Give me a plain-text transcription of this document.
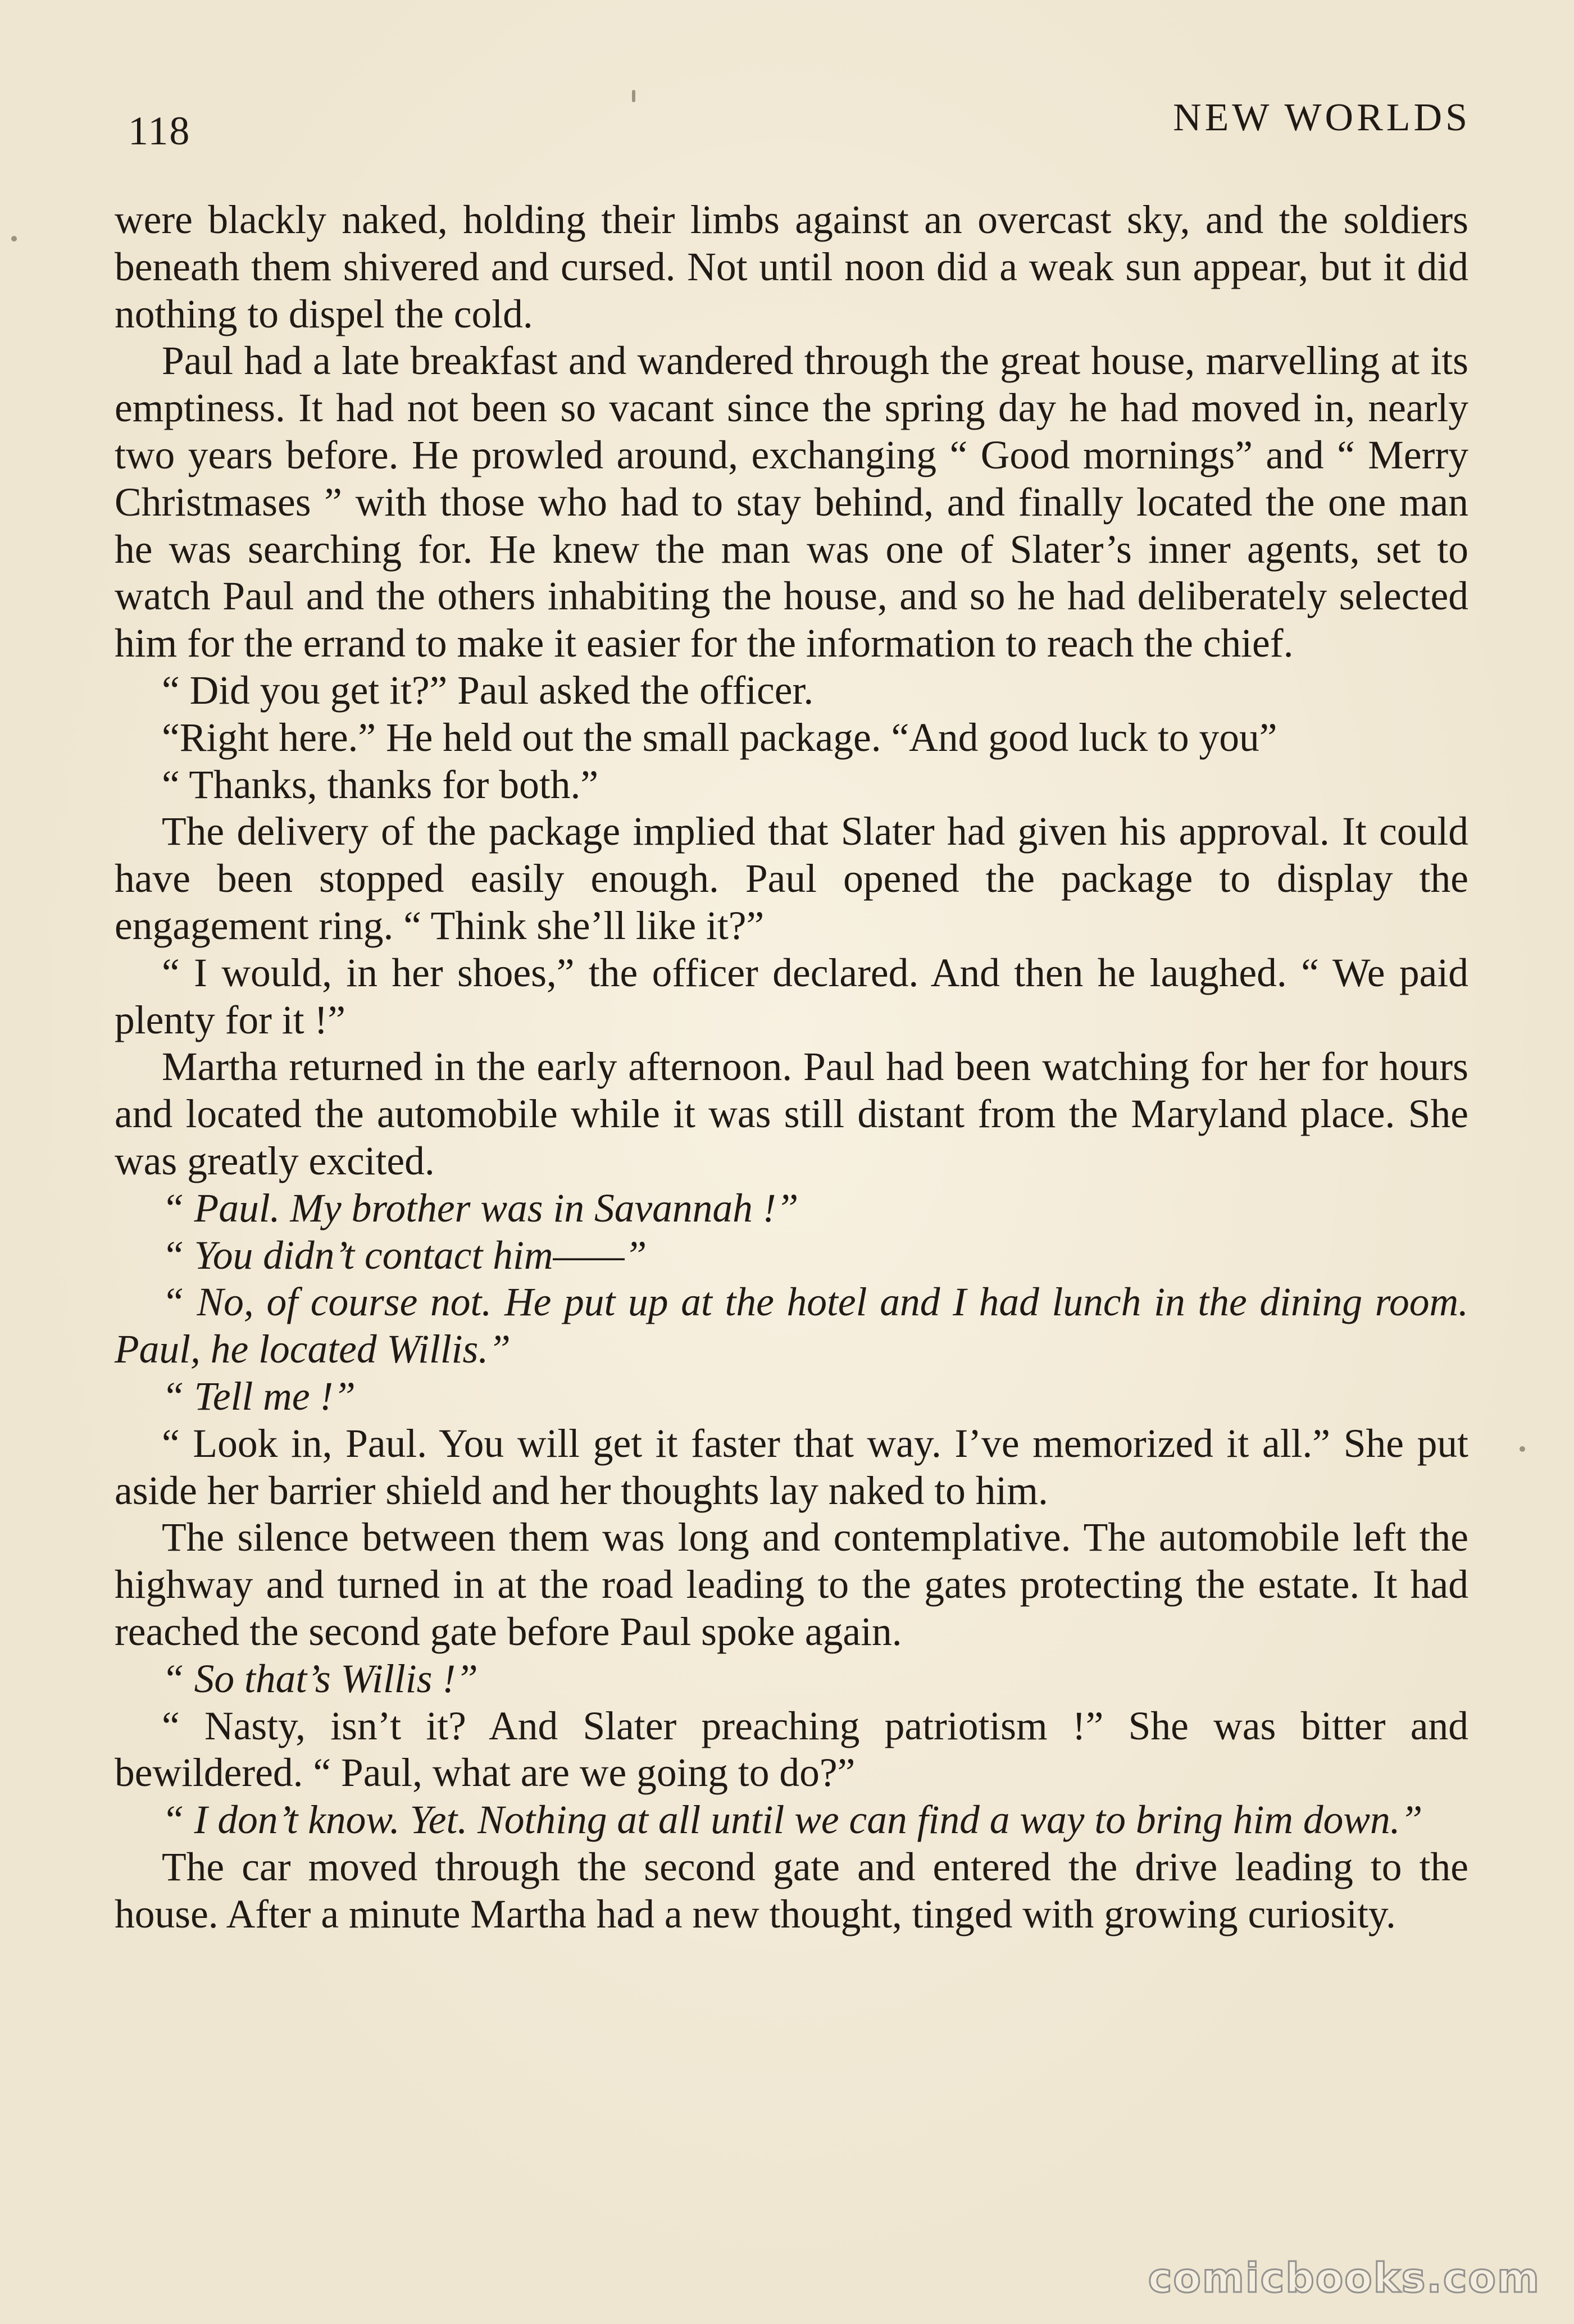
118	NEW WORLDS

were blackly naked, holding their limbs against an overcast sky, and the soldiers beneath them shivered and cursed. Not until noon did a weak sun appear, but it did nothing to dispel the cold.

Paul had a late breakfast and wandered through the great house, marvelling at its emptiness. It had not been so vacant since the spring day he had moved in, nearly two years before. He prowled around, exchanging “ Good mornings” and “ Merry Christmases ” with those who had to stay behind, and finally located the one man he was searching for. He knew the man was one of Slater’s inner agents, set to watch Paul and the others inhabiting the house, and so he had deliberately selected him for the errand to make it easier for the information to reach the chief.

“ Did you get it?” Paul asked the officer.

“Right here.” He held out the small package. “And good luck to you”

“ Thanks, thanks for both.”

The delivery of the package implied that Slater had given his approval. It could have been stopped easily enough. Paul opened the package to display the engagement ring. “ Think she’ll like it?”

“ I would, in her shoes,” the officer declared. And then he laughed. “ We paid plenty for it !”

Martha returned in the early afternoon. Paul had been watching for her for hours and located the automobile while it was still distant from the Maryland place. She was greatly excited.

“ Paul. My brother was in Savannah !”

“ You didn’t contact him——”

“ No, of course not. He put up at the hotel and I had lunch in the dining room. Paul, he located Willis.”

“ Tell me !”

“ Look in, Paul. You will get it faster that way. I’ve memorized it all.” She put aside her barrier shield and her thoughts lay naked to him.

The silence between them was long and contemplative. The automobile left the highway and turned in at the road leading to the gates protecting the estate. It had reached the second gate before Paul spoke again.

“ So that’s Willis !”

“ Nasty, isn’t it? And Slater preaching patriotism !” She was bitter and bewildered. “ Paul, what are we going to do?”

“ I don’t know. Yet. Nothing at all until we can find a way to bring him down.”

The car moved through the second gate and entered the drive leading to the house. After a minute Martha had a new thought, tinged with growing curiosity.

comicbooks.com
